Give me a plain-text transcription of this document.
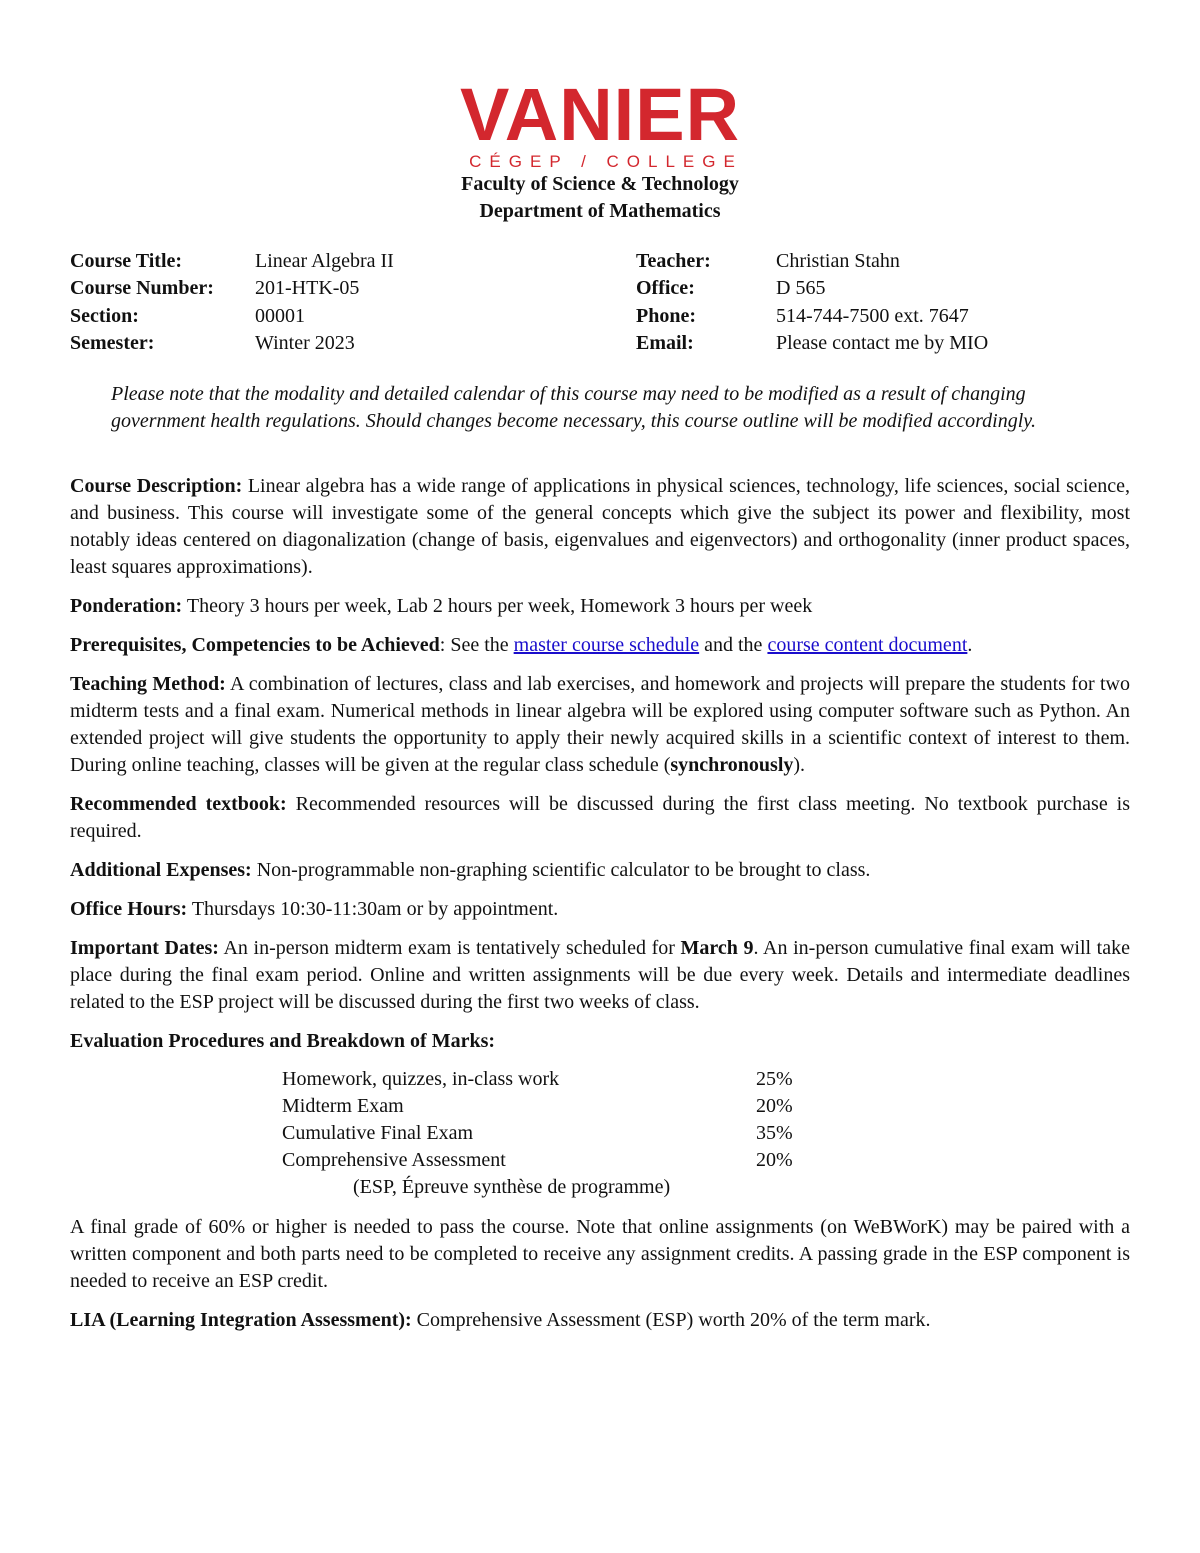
VANIER
CÉGEP / COLLEGE
Faculty of Science & Technology
Department of Mathematics
Course Title:	Linear Algebra II	Teacher:	Christian Stahn
Course Number: 201-HTK-05	Office:	D 565
Section:	00001	Phone:	514-744-7500 ext. 7647
Semester:	Winter 2023	Email:	Please contact me by MIO
Please note that the modality and detailed calendar of this course may need to be modified as a result of changing government health regulations. Should changes become necessary, this course outline will be modified accordingly.

Course Description: Linear algebra has a wide range of applications in physical sciences, technology, life sciences, social science, and business. This course will investigate some of the general concepts which give the subject its power and flexibility, most notably ideas centered on diagonalization (change of basis, eigenvalues and eigenvectors) and orthogonality (inner product spaces, least squares approximations).

Ponderation: Theory 3 hours per week, Lab 2 hours per week, Homework 3 hours per week

Prerequisites, Competencies to be Achieved: See the master course schedule and the course content document.

Teaching Method: A combination of lectures, class and lab exercises, and homework and projects will prepare the students for two midterm tests and a final exam. Numerical methods in linear algebra will be explored using computer software such as Python. An extended project will give students the opportunity to apply their newly acquired skills in a scientific context of interest to them. During online teaching, classes will be given at the regular class schedule (synchronously).

Recommended textbook: Recommended resources will be discussed during the first class meeting. No textbook purchase is required.

Additional Expenses: Non-programmable non-graphing scientific calculator to be brought to class.

Office Hours: Thursdays 10:30-11:30am or by appointment.

Important Dates: An in-person midterm exam is tentatively scheduled for March 9. An in-person cumulative final exam will take place during the final exam period. Online and written assignments will be due every week. Details and intermediate deadlines related to the ESP project will be discussed during the first two weeks of class.

Evaluation Procedures and Breakdown of Marks:

Homework, quizzes, in-class work	25%
Midterm Exam	20%
Cumulative Final Exam	35%
Comprehensive Assessment	20%
(ESP, Épreuve synthèse de programme)

A final grade of 60% or higher is needed to pass the course. Note that online assignments (on WeBWorK) may be paired with a written component and both parts need to be completed to receive any assignment credits. A passing grade in the ESP component is needed to receive an ESP credit.

LIA (Learning Integration Assessment): Comprehensive Assessment (ESP) worth 20% of the term mark.
